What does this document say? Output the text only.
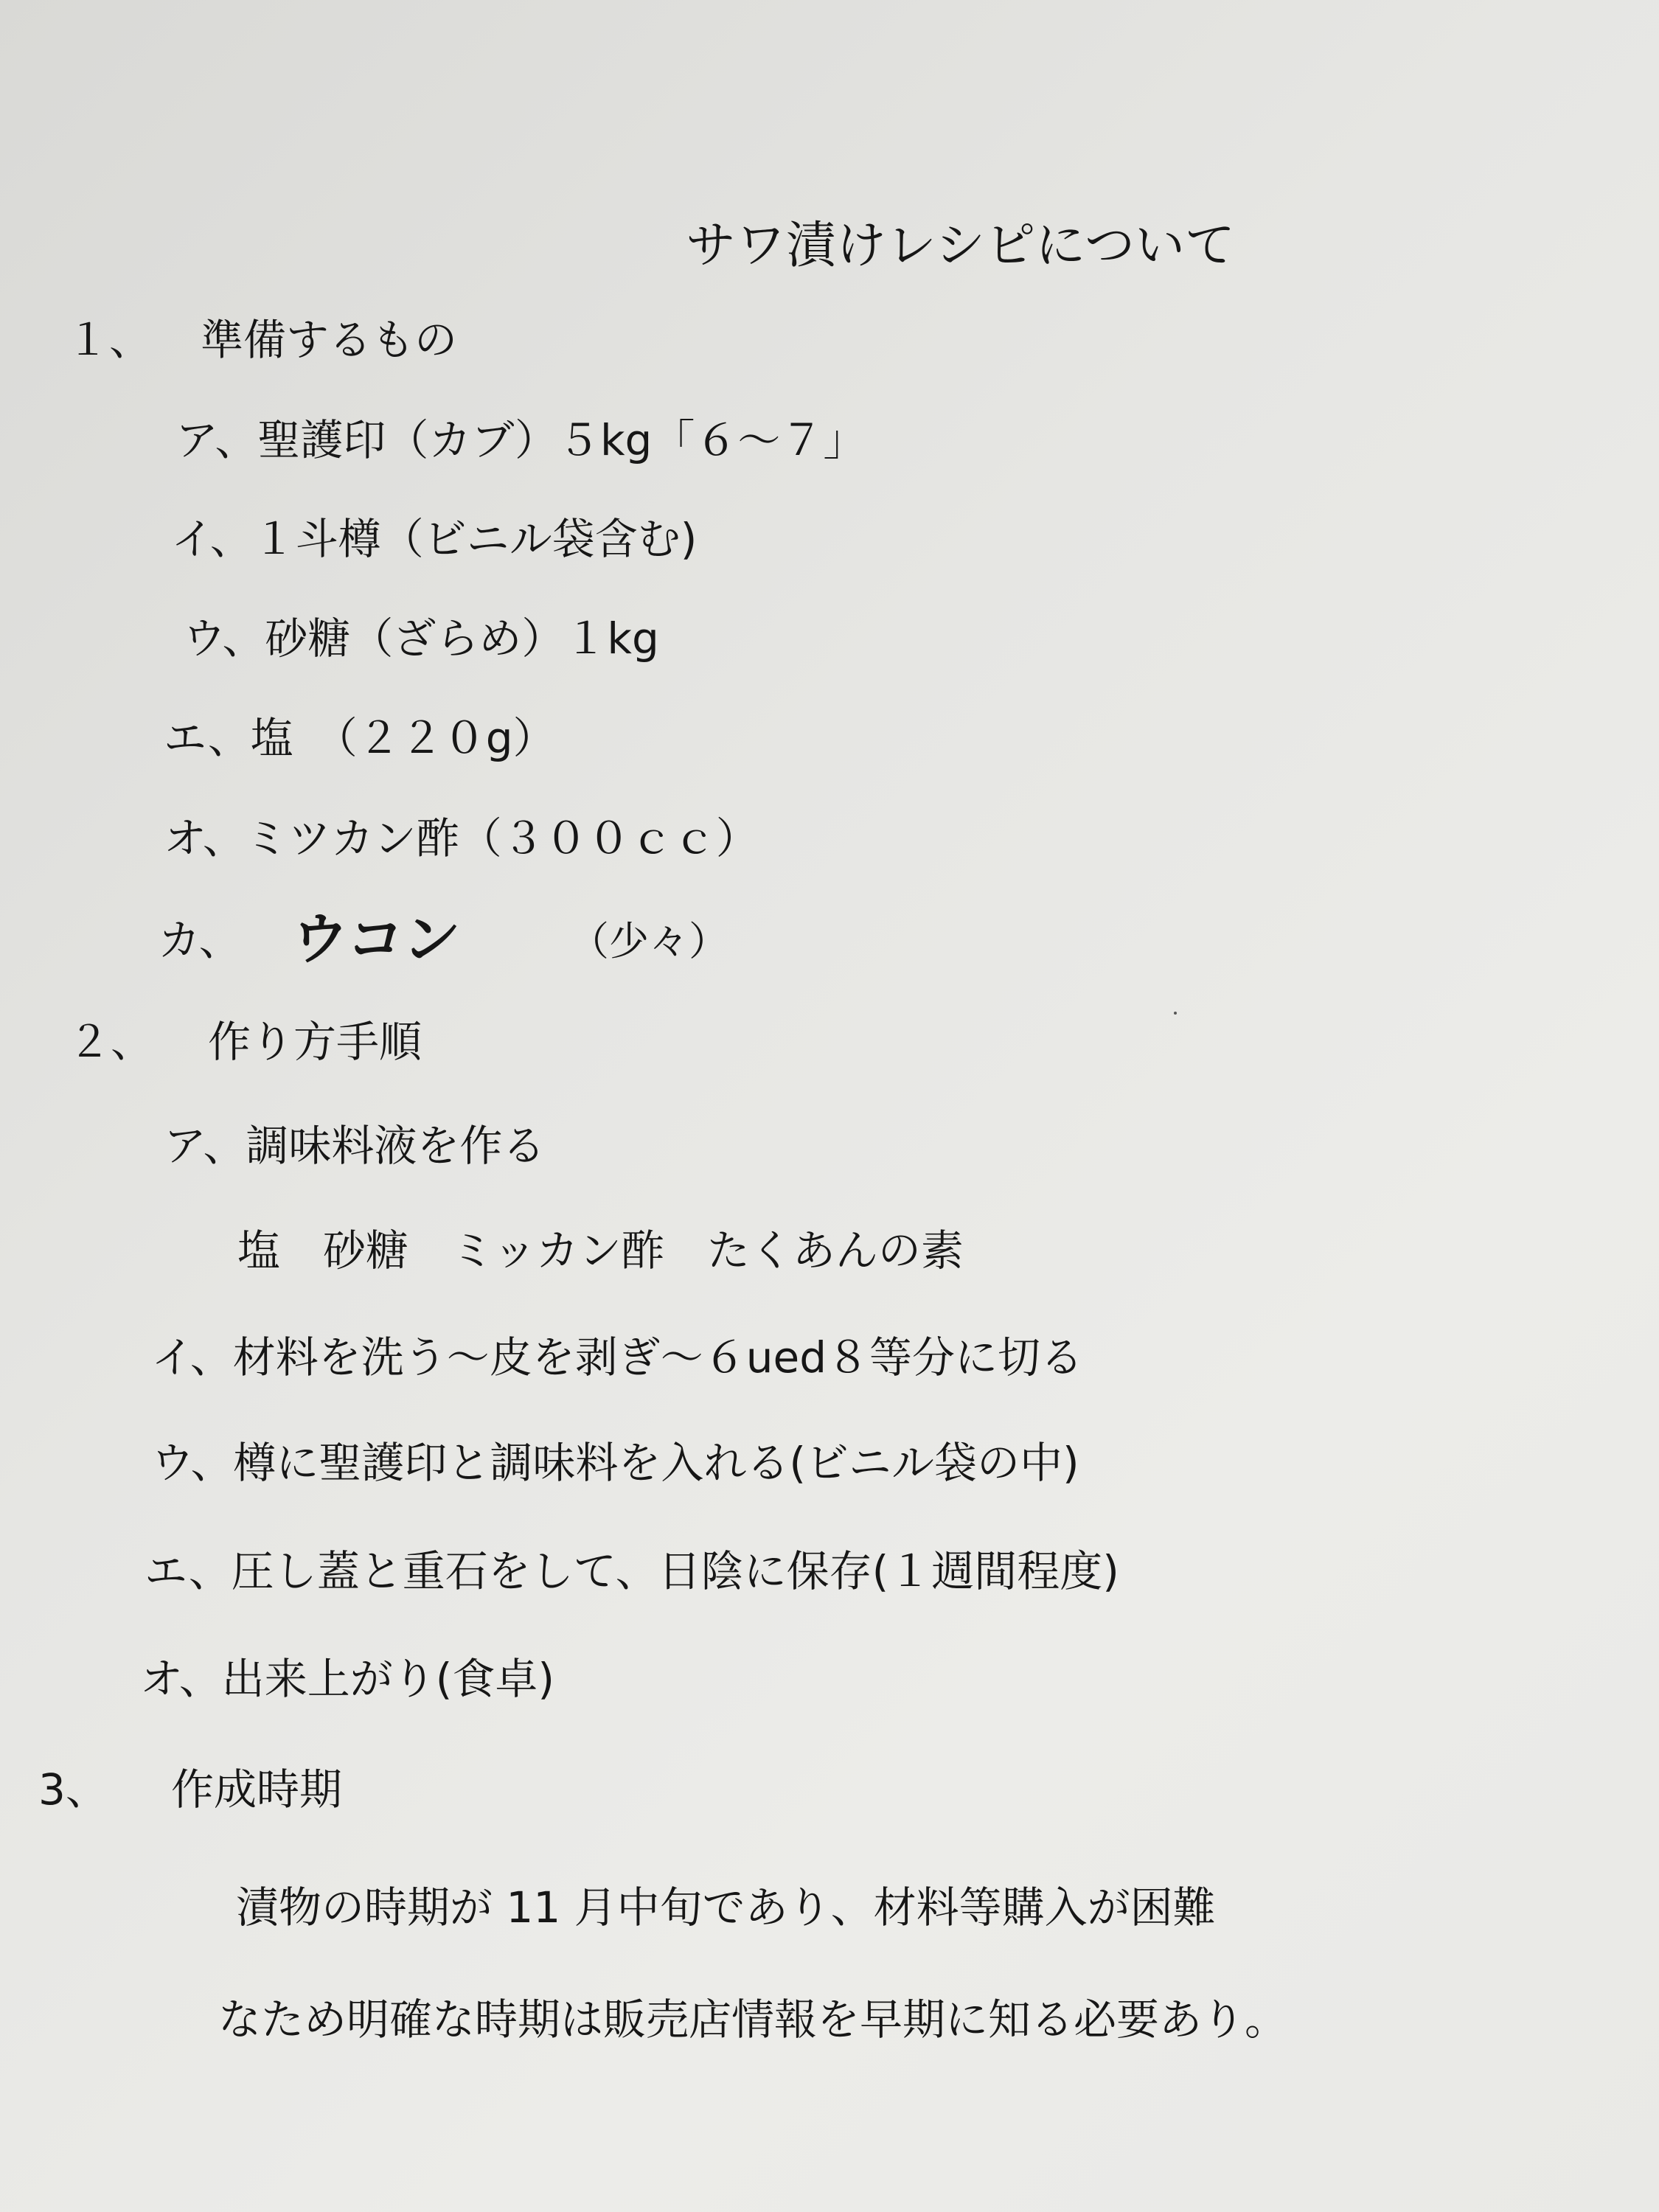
サワ漬けレシピについて
１、 準備するもの
ア、聖護印（カブ）５kg「６～７」
イ、１斗樽（ビニル袋含む)
ウ、砂糖（ざらめ）１kg
エ、塩　（２２０g）
オ、ミツカン酢（３００ｃｃ）
カ、 ウコン	（少々）
２、 作り方手順
ア、調味料液を作る
塩　砂糖　ミッカン酢　たくあんの素
イ、材料を洗う～皮を剥ぎ～６ued８等分に切る
ウ、樽に聖護印と調味料を入れる(ビニル袋の中)
エ、圧し蓋と重石をして、日陰に保存(１週間程度)
オ、出来上がり(食卓)
3、 作成時期
漬物の時期が 11 月中旬であり、材料等購入が困難
なため明確な時期は販売店情報を早期に知る必要あり。
